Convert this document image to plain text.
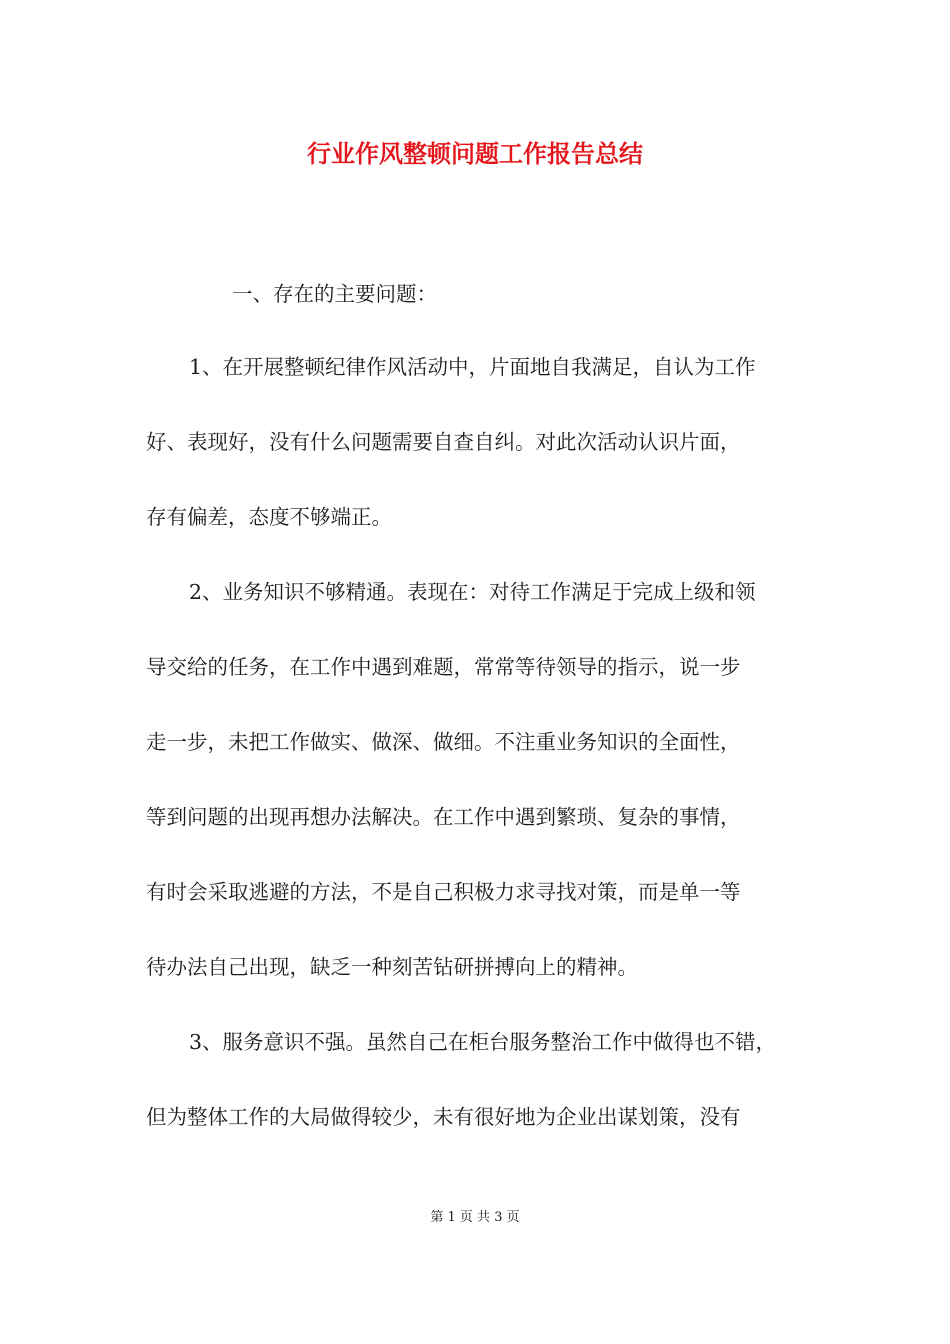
行业作风整顿问题工作报告总结
一、存在的主要问题：
1、在开展整顿纪律作风活动中，片面地自我满足，自认为工作
好、表现好，没有什么问题需要自查自纠。对此次活动认识片面，
存有偏差，态度不够端正。
2、业务知识不够精通。表现在：对待工作满足于完成上级和领
导交给的任务，在工作中遇到难题，常常等待领导的指示，说一步
走一步，未把工作做实、做深、做细。不注重业务知识的全面性，
等到问题的出现再想办法解决。在工作中遇到繁琐、复杂的事情，
有时会采取逃避的方法，不是自己积极力求寻找对策，而是单一等
待办法自己出现，缺乏一种刻苦钻研拼搏向上的精神。
3、服务意识不强。虽然自己在柜台服务整治工作中做得也不错，
但为整体工作的大局做得较少，未有很好地为企业出谋划策，没有
第 1 页 共 3 页
